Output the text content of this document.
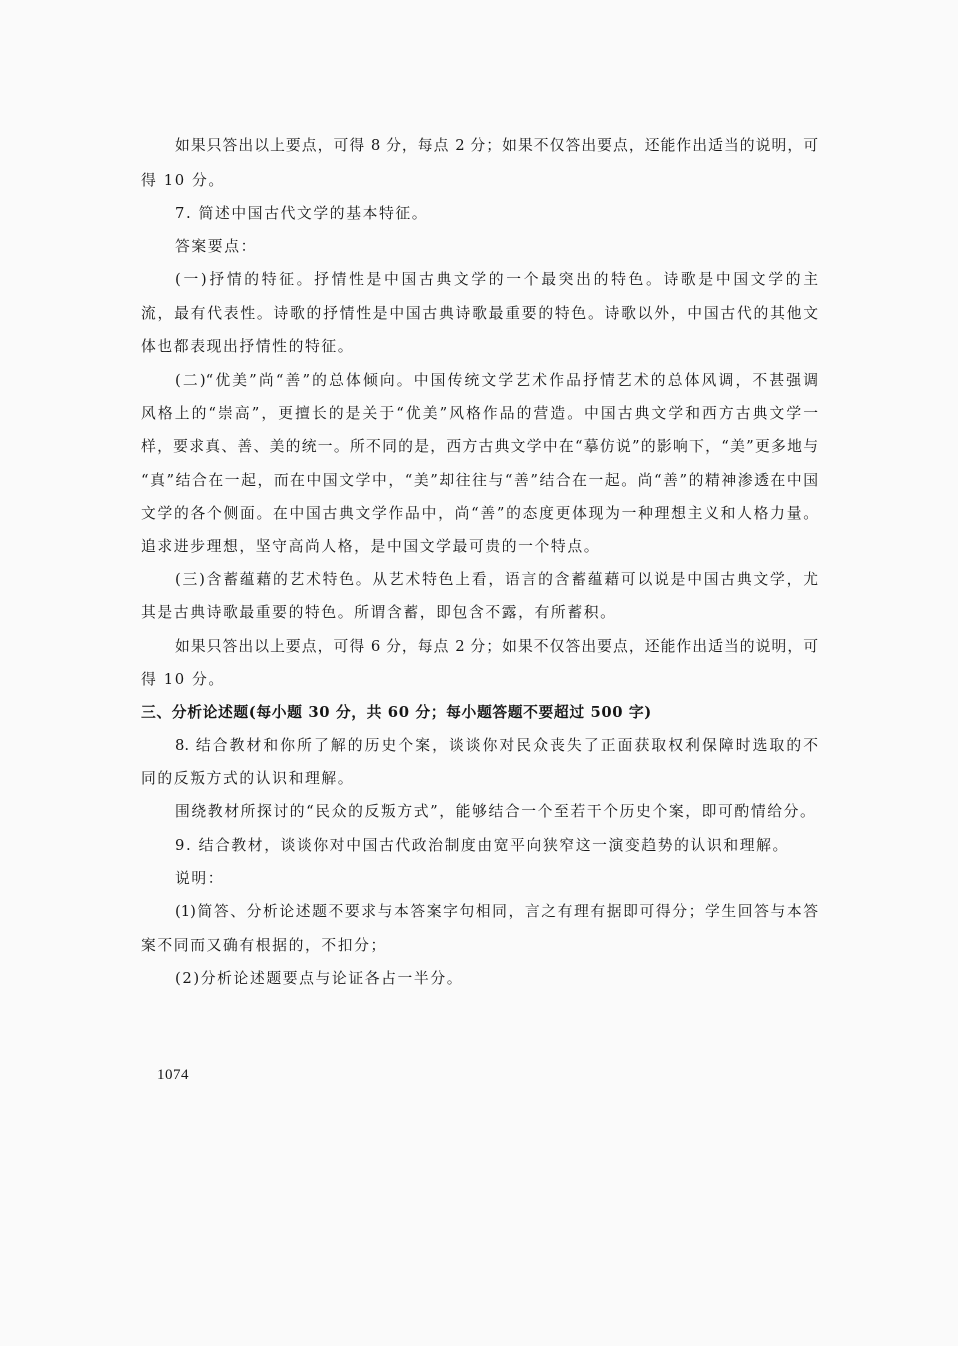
如果只答出以上要点，可得 8 分，每点 2 分；如果不仅答出要点，还能作出适当的说明，可
得 10 分。
7. 简述中国古代文学的基本特征。
答案要点：
(一)抒情的特征。抒情性是中国古典文学的一个最突出的特色。诗歌是中国文学的主
流，最有代表性。诗歌的抒情性是中国古典诗歌最重要的特色。诗歌以外，中国古代的其他文
体也都表现出抒情性的特征。
(二)“优美”尚“善”的总体倾向。中国传统文学艺术作品抒情艺术的总体风调，不甚强调
风格上的“崇高”，更擅长的是关于“优美”风格作品的营造。中国古典文学和西方古典文学一
样，要求真、善、美的统一。所不同的是，西方古典文学中在“摹仿说”的影响下，“美”更多地与
“真”结合在一起，而在中国文学中，“美”却往往与“善”结合在一起。尚“善”的精神渗透在中国
文学的各个侧面。在中国古典文学作品中，尚“善”的态度更体现为一种理想主义和人格力量。
追求进步理想，坚守高尚人格，是中国文学最可贵的一个特点。
(三)含蓄蕴藉的艺术特色。从艺术特色上看，语言的含蓄蕴藉可以说是中国古典文学，尤
其是古典诗歌最重要的特色。所谓含蓄，即包含不露，有所蓄积。
如果只答出以上要点，可得 6 分，每点 2 分；如果不仅答出要点，还能作出适当的说明，可
得 10 分。
三、分析论述题(每小题 30 分，共 60 分；每小题答题不要超过 500 字)
8. 结合教材和你所了解的历史个案，谈谈你对民众丧失了正面获取权利保障时选取的不
同的反叛方式的认识和理解。
围绕教材所探讨的“民众的反叛方式”，能够结合一个至若干个历史个案，即可酌情给分。
9. 结合教材，谈谈你对中国古代政治制度由宽平向狭窄这一演变趋势的认识和理解。
说明：
(1)简答、分析论述题不要求与本答案字句相同，言之有理有据即可得分；学生回答与本答
案不同而又确有根据的，不扣分；
(2)分析论述题要点与论证各占一半分。
1074
